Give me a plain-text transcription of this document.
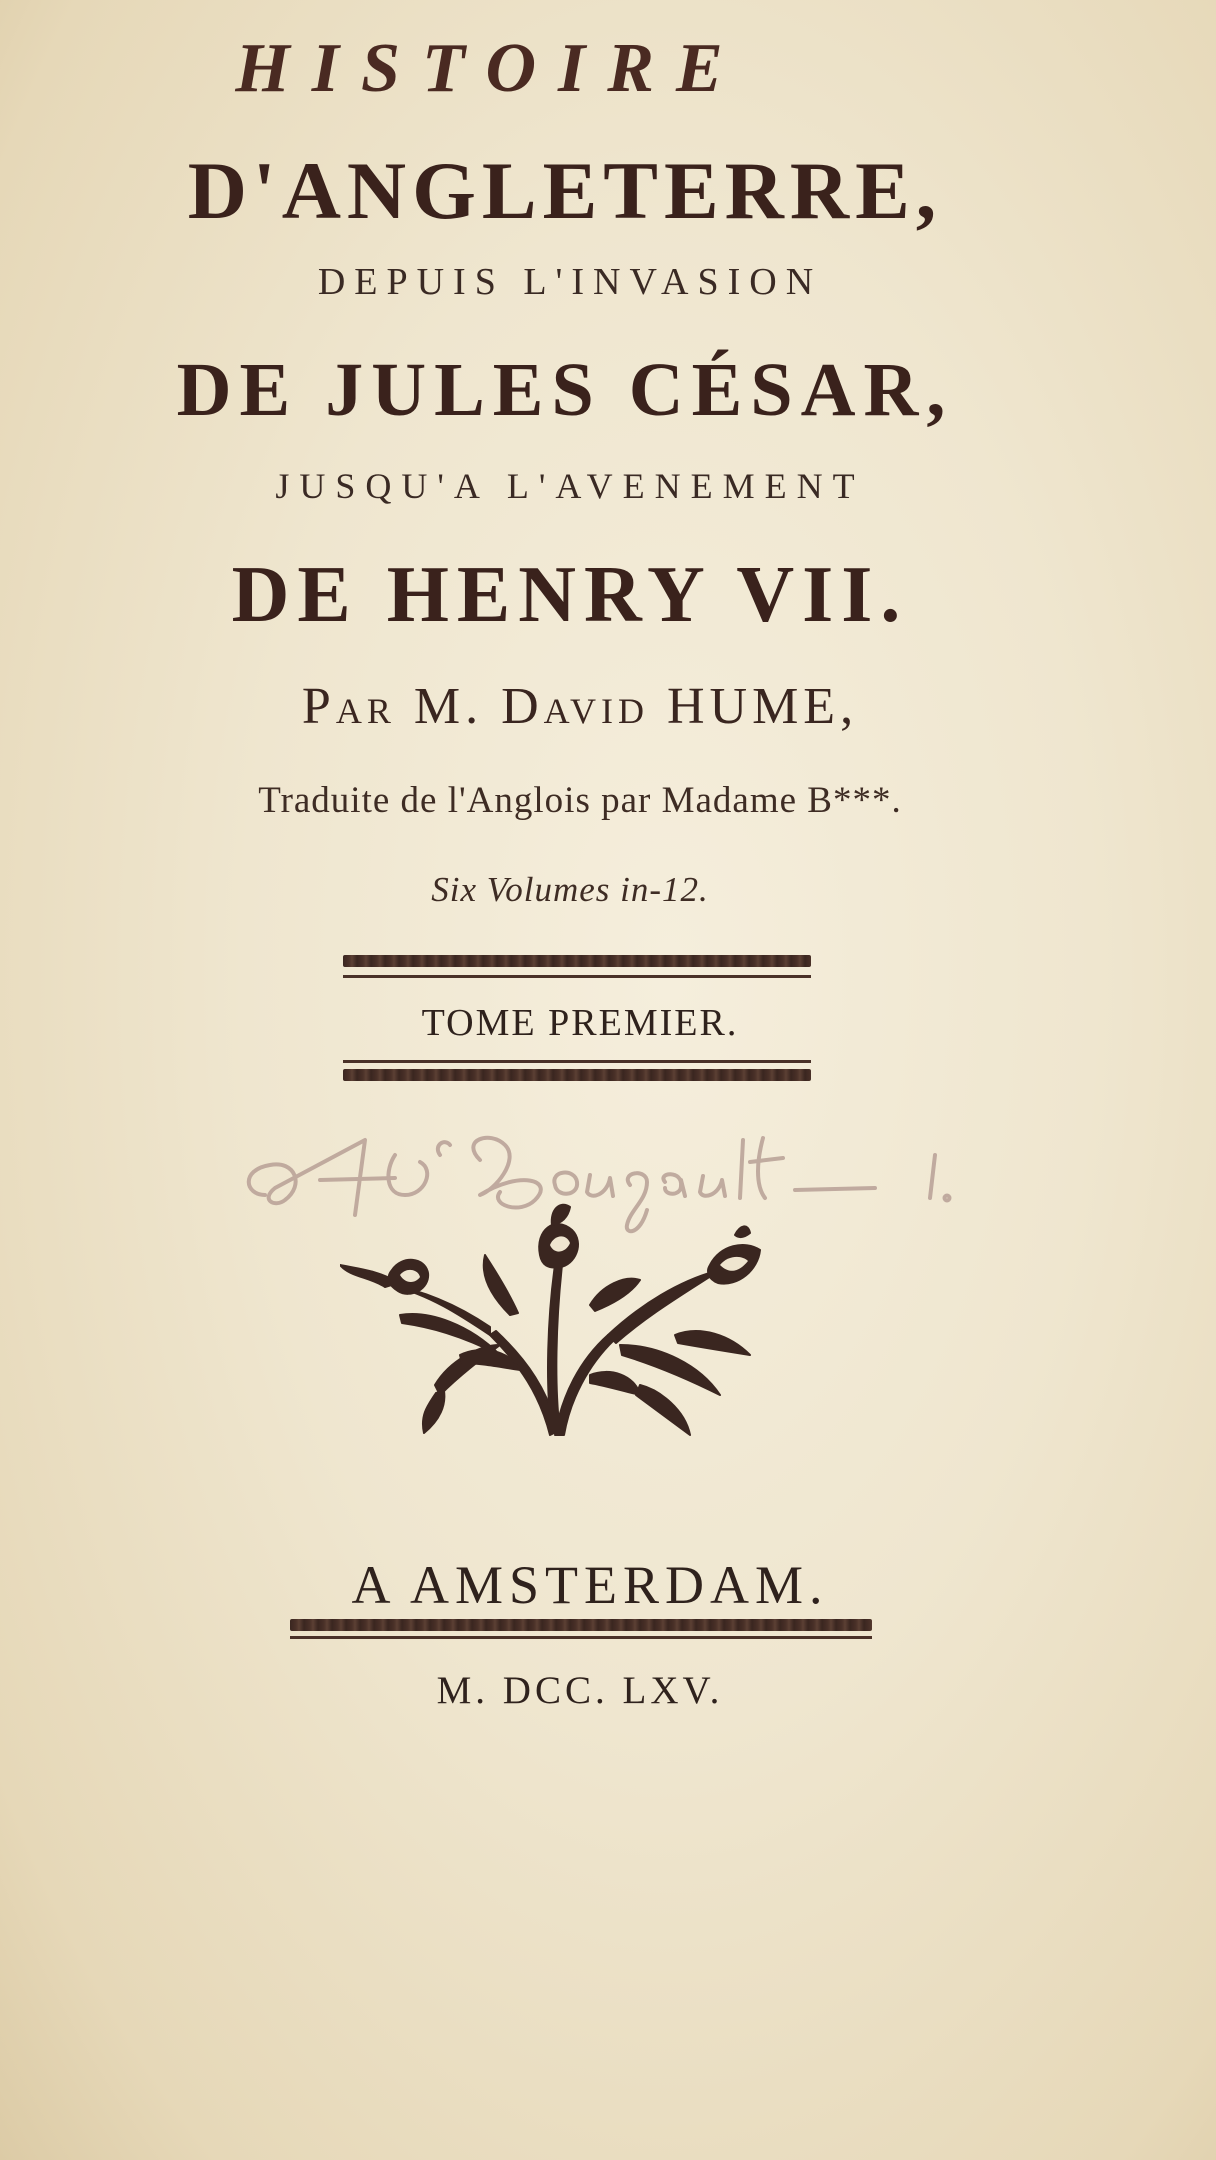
HISTOIRE
D'ANGLETERRE,
DEPUIS L'INVASION
DE JULES CÉSAR,
JUSQU'A L'AVENEMENT
DE HENRY VII.
Par M. David HUME,
Traduite de l'Anglois par Madame B***.
Six Volumes in-12.
TOME PREMIER.
A AMSTERDAM.
M. DCC. LXV.
